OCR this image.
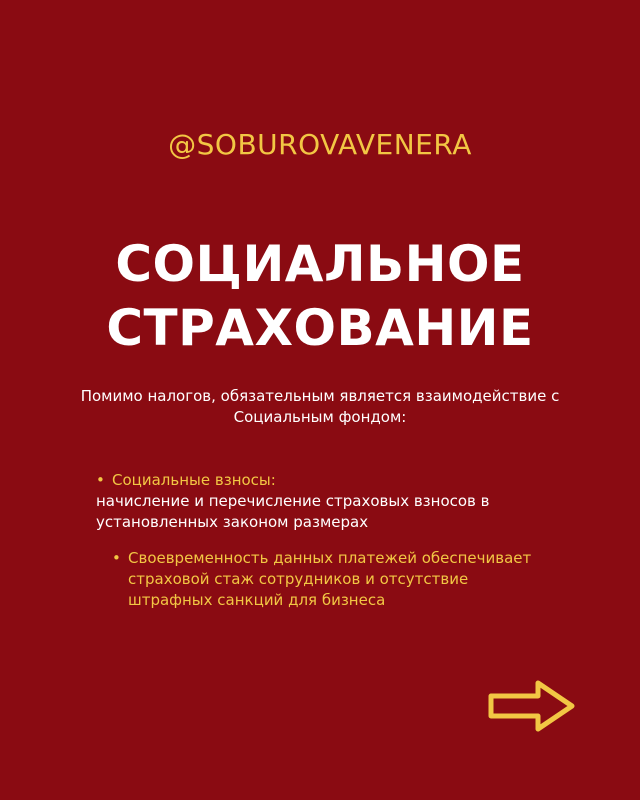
@SOBUROVAVENERA
СОЦИАЛЬНОЕ
СТРАХОВАНИЕ
Помимо налогов, обязательным является взаимодействие с Социальным фондом:
• Социальные взносы:
начисление и перечисление страховых взносов в установленных законом размерах
• Своевременность данных платежей обеспечивает страховой стаж сотрудников и отсутствие штрафных санкций для бизнеса
